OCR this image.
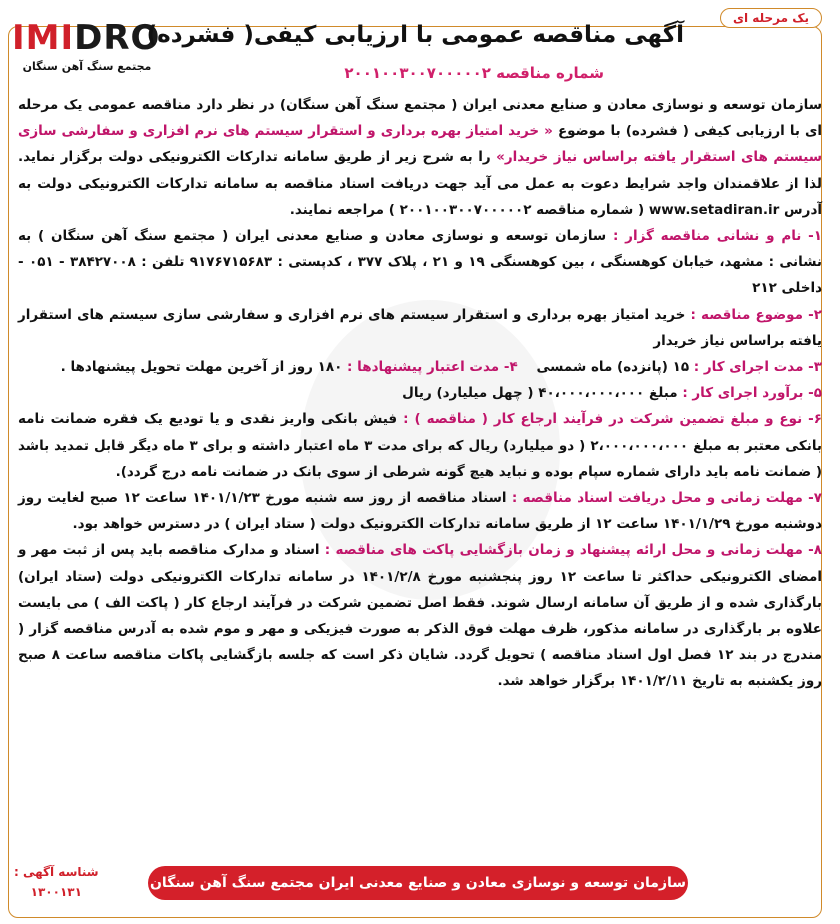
یک مرحله ای
IMIDRO
مجتمع سنگ آهن سنگان
آگهی مناقصه عمومی با ارزیابی کیفی( فشرده)
شماره مناقصه ۲۰۰۱۰۰۳۰۰۷۰۰۰۰۰۲

سازمان توسعه و نوسازی معادن و صنایع معدنی ایران ( مجتمع سنگ آهن سنگان) در نظر دارد مناقصه عمومی یک مرحله ای با ارزیابی کیفی ( فشرده) با موضوع « خرید امتیاز بهره برداری و استقرار سیستم های نرم افزاری و سفارشی سازی سیستم های استقرار یافته براساس نیاز خریدار» را به شرح زیر از طریق سامانه تدارکات الکترونیکی دولت برگزار نماید. لذا از علاقمندان واجد شرایط دعوت به عمل می آید جهت دریافت اسناد مناقصه به سامانه تدارکات الکترونیکی دولت به آدرس www.setadiran.ir ( شماره مناقصه ۲۰۰۱۰۰۳۰۰۷۰۰۰۰۰۲ ) مراجعه نمایند.

۱- نام و نشانی مناقصه گزار : سازمان توسعه و نوسازی معادن و صنایع معدنی ایران ( مجتمع سنگ آهن سنگان ) به نشانی : مشهد، خیابان کوهسنگی ، بین کوهسنگی ۱۹ و ۲۱ ، پلاک ۳۷۷ ، کدپستی : ۹۱۷۶۷۱۵۶۸۳ تلفن : ۳۸۴۲۷۰۰۸ - ۰۵۱ - داخلی ۲۱۲

۲- موضوع مناقصه : خرید امتیاز بهره برداری و استقرار سیستم های نرم افزاری و سفارشی سازی سیستم های استقرار یافته براساس نیاز خریدار

۳- مدت اجرای کار : ۱۵ (پانزده) ماه شمسی    ۴- مدت اعتبار پیشنهادها : ۱۸۰ روز از آخرین مهلت تحویل پیشنهادها .

۵- برآورد اجرای کار : مبلغ ۴۰،۰۰۰،۰۰۰،۰۰۰ ( چهل میلیارد) ریال

۶- نوع و مبلغ تضمین شرکت در فرآیند ارجاع کار ( مناقصه ) : فیش بانکی واریز نقدی و یا تودیع یک فقره ضمانت نامه بانکی معتبر به مبلغ ۲،۰۰۰،۰۰۰،۰۰۰ ( دو میلیارد) ریال که برای مدت ۳ ماه اعتبار داشته و برای ۳ ماه دیگر قابل تمدید باشد ( ضمانت نامه باید دارای شماره سپام بوده و نباید هیچ گونه شرطی از سوی بانک در ضمانت نامه درج گردد).

۷- مهلت زمانی و محل دریافت اسناد مناقصه : اسناد مناقصه از روز سه شنبه مورخ ۱۴۰۱/۱/۲۳ ساعت ۱۲ صبح لغایت روز دوشنبه مورخ ۱۴۰۱/۱/۲۹ ساعت ۱۲ از طریق سامانه تدارکات الکترونیک دولت ( ستاد ایران ) در دسترس خواهد بود.

۸- مهلت زمانی و محل ارائه پیشنهاد و زمان بازگشایی پاکت های مناقصه : اسناد و مدارک مناقصه باید پس از ثبت مهر و امضای الکترونیکی حداکثر تا ساعت ۱۲ روز پنجشنبه مورخ ۱۴۰۱/۲/۸ در سامانه تدارکات الکترونیکی دولت (ستاد ایران) بارگذاری شده و از طریق آن سامانه ارسال شوند. فقط اصل تضمین شرکت در فرآیند ارجاع کار ( پاکت الف ) می بایست علاوه بر بارگذاری در سامانه مذکور، ظرف مهلت فوق الذکر به صورت فیزیکی و مهر و موم شده به آدرس مناقصه گزار ( مندرج در بند ۱۲ فصل اول اسناد مناقصه ) تحویل گردد. شایان ذکر است که جلسه بازگشایی پاکات مناقصه ساعت ۸ صبح روز یکشنبه به تاریخ ۱۴۰۱/۲/۱۱ برگزار خواهد شد.

شناسه آگهی :
۱۳۰۰۱۳۱
سازمان توسعه و نوسازی معادن و صنایع معدنی ایران مجتمع سنگ آهن سنگان
